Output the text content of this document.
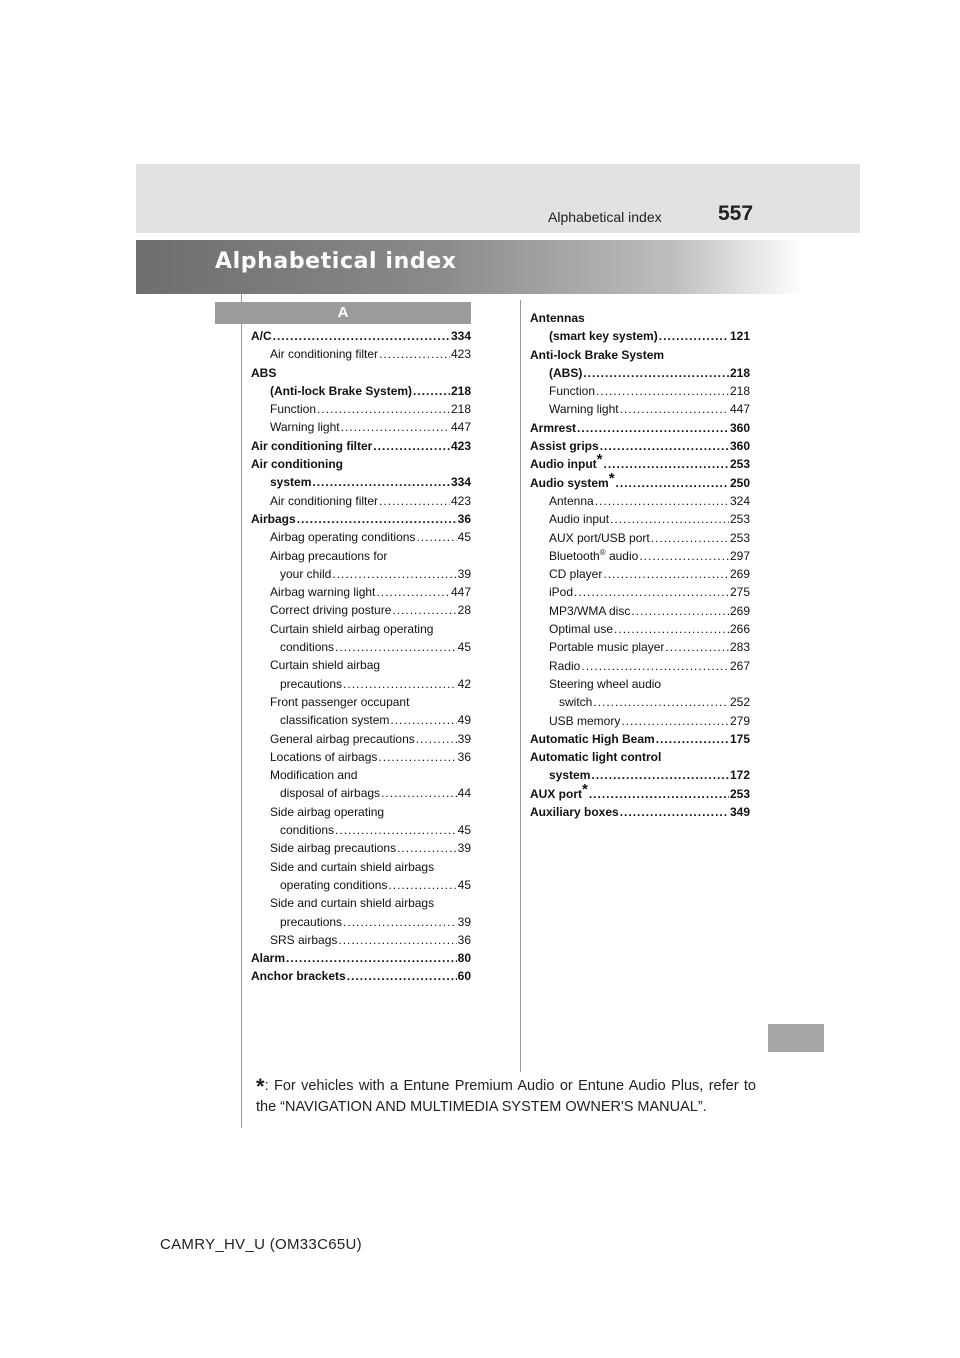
Alphabetical index	557
Alphabetical index
A
A/C .....	334
Air conditioning filter .....	423
ABS
(Anti-lock Brake System) .....	218
Function .....	218
Warning light .....	447
Air conditioning filter .....	423
Air conditioning
system .....	334
Air conditioning filter .....	423
Airbags .....	36
Airbag operating conditions .....	45
Airbag precautions for
your child .....	39
Airbag warning light .....	447
Correct driving posture .....	28
Curtain shield airbag operating
conditions .....	45
Curtain shield airbag
precautions .....	42
Front passenger occupant
classification system .....	49
General airbag precautions .....	39
Locations of airbags .....	36
Modification and
disposal of airbags .....	44
Side airbag operating
conditions .....	45
Side airbag precautions .....	39
Side and curtain shield airbags
operating conditions .....	45
Side and curtain shield airbags
precautions .....	39
SRS airbags .....	36
Alarm .....	80
Anchor brackets .....	60
Antennas
(smart key system) .....	121
Anti-lock Brake System
(ABS) .....	218
Function .....	218
Warning light .....	447
Armrest .....	360
Assist grips .....	360
Audio input* .....	253
Audio system* .....	250
Antenna .....	324
Audio input .....	253
AUX port/USB port .....	253
Bluetooth® audio .....	297
CD player .....	269
iPod .....	275
MP3/WMA disc .....	269
Optimal use .....	266
Portable music player .....	283
Radio .....	267
Steering wheel audio
switch .....	252
USB memory .....	279
Automatic High Beam .....	175
Automatic light control
system .....	172
AUX port* .....	253
Auxiliary boxes .....	349
*: For vehicles with a Entune Premium Audio or Entune Audio Plus, refer to the “NAVIGATION AND MULTIMEDIA SYSTEM OWNER'S MANUAL”.
CAMRY_HV_U (OM33C65U)
